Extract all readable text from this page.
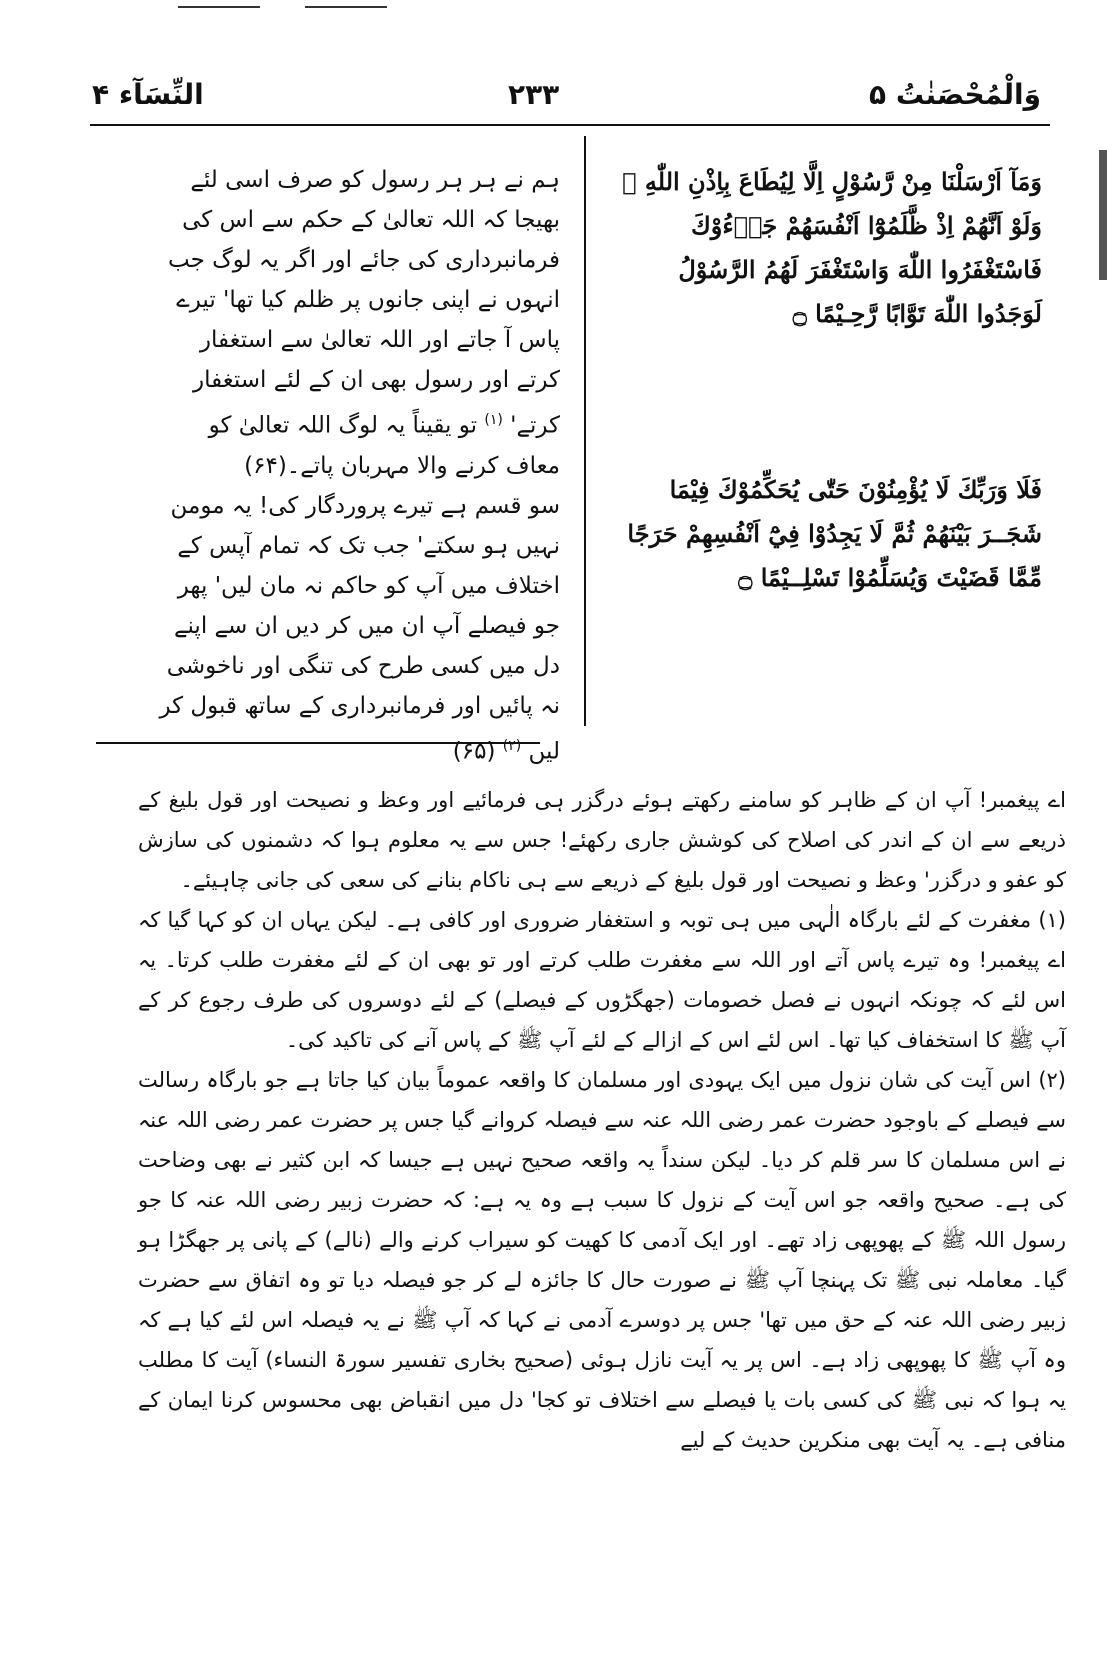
النِّسَآء ۴	۲۳۳	وَالْمُحْصَنٰتُ ۵

ہم نے ہر ہر رسول کو صرف اسی لئے بھیجا کہ اللہ تعالیٰ کے حکم سے اس کی فرمانبرداری کی جائے اور اگر یہ لوگ جب انہوں نے اپنی جانوں پر ظلم کیا تھا' تیرے پاس آ جاتے اور اللہ تعالیٰ سے استغفار کرتے اور رسول بھی ان کے لئے استغفار کرتے' $^{(۱)}$ تو یقیناً یہ لوگ اللہ تعالیٰ کو معاف کرنے والا مہربان پاتے۔(۶۴)

سو قسم ہے تیرے پروردگار کی! یہ مومن نہیں ہو سکتے' جب تک کہ تمام آپس کے اختلاف میں آپ کو حاکم نہ مان لیں' پھر جو فیصلے آپ ان میں کر دیں ان سے اپنے دل میں کسی طرح کی تنگی اور ناخوشی نہ پائیں اور فرمانبرداری کے ساتھ قبول کر لیں $^{(۲)}$ (۶۵)

وَمَآ اَرْسَلْنَا مِنْ رَّسُوْلٍ اِلَّا لِيُطَاعَ بِاِذْنِ اللّٰهِ ۭ وَلَوْ اَنَّهُمْ اِذْ ظَّلَمُوْٓا اَنْفُسَهُمْ جَاۗءُوْكَ فَاسْتَغْفَرُوا اللّٰهَ وَاسْتَغْفَرَ لَهُمُ الرَّسُوْلُ لَوَجَدُوا اللّٰهَ تَوَّابًا رَّحِـيْمًا ۝
فَلَا وَرَبِّكَ لَا يُؤْمِنُوْنَ حَتّٰى يُحَكِّمُوْكَ فِيْمَا شَجَــرَ بَيْنَھُمْ ثُمَّ لَا يَجِدُوْا فِيْٓ اَنْفُسِهِمْ حَرَجًا مِّمَّا قَضَيْتَ وَيُسَلِّمُوْا تَسْلِــيْمًا ۝

اے پیغمبر! آپ ان کے ظاہر کو سامنے رکھتے ہوئے درگزر ہی فرمائیے اور وعظ و نصیحت اور قول بلیغ کے ذریعے سے ان کے اندر کی اصلاح کی کوشش جاری رکھئے! جس سے یہ معلوم ہوا کہ دشمنوں کی سازش کو عفو و درگزر' وعظ و نصیحت اور قول بلیغ کے ذریعے سے ہی ناکام بنانے کی سعی کی جانی چاہیئے۔

(۱) مغفرت کے لئے بارگاہ الٰہی میں ہی توبہ و استغفار ضروری اور کافی ہے۔ لیکن یہاں ان کو کہا گیا کہ اے پیغمبر! وہ تیرے پاس آتے اور اللہ سے مغفرت طلب کرتے اور تو بھی ان کے لئے مغفرت طلب کرتا۔ یہ اس لئے کہ چونکہ انہوں نے فصل خصومات (جھگڑوں کے فیصلے) کے لئے دوسروں کی طرف رجوع کر کے آپ ﷺ کا استخفاف کیا تھا۔ اس لئے اس کے ازالے کے لئے آپ ﷺ کے پاس آنے کی تاکید کی۔

(۲) اس آیت کی شان نزول میں ایک یہودی اور مسلمان کا واقعہ عموماً بیان کیا جاتا ہے جو بارگاہ رسالت سے فیصلے کے باوجود حضرت عمر رضی اللہ عنہ سے فیصلہ کروانے گیا جس پر حضرت عمر رضی اللہ عنہ نے اس مسلمان کا سر قلم کر دیا۔ لیکن سنداً یہ واقعہ صحیح نہیں ہے جیسا کہ ابن کثیر نے بھی وضاحت کی ہے۔ صحیح واقعہ جو اس آیت کے نزول کا سبب ہے وہ یہ ہے: کہ حضرت زبیر رضی اللہ عنہ کا جو رسول اللہ ﷺ کے پھوپھی زاد تھے۔ اور ایک آدمی کا کھیت کو سیراب کرنے والے (نالے) کے پانی پر جھگڑا ہو گیا۔ معاملہ نبی ﷺ تک پہنچا آپ ﷺ نے صورت حال کا جائزہ لے کر جو فیصلہ دیا تو وہ اتفاق سے حضرت زبیر رضی اللہ عنہ کے حق میں تھا' جس پر دوسرے آدمی نے کہا کہ آپ ﷺ نے یہ فیصلہ اس لئے کیا ہے کہ وہ آپ ﷺ کا پھوپھی زاد ہے۔ اس پر یہ آیت نازل ہوئی (صحیح بخاری تفسیر سورۃ النساء) آیت کا مطلب یہ ہوا کہ نبی ﷺ کی کسی بات یا فیصلے سے اختلاف تو کجا' دل میں انقباض بھی محسوس کرنا ایمان کے منافی ہے۔ یہ آیت بھی منکرین حدیث کے لیے
